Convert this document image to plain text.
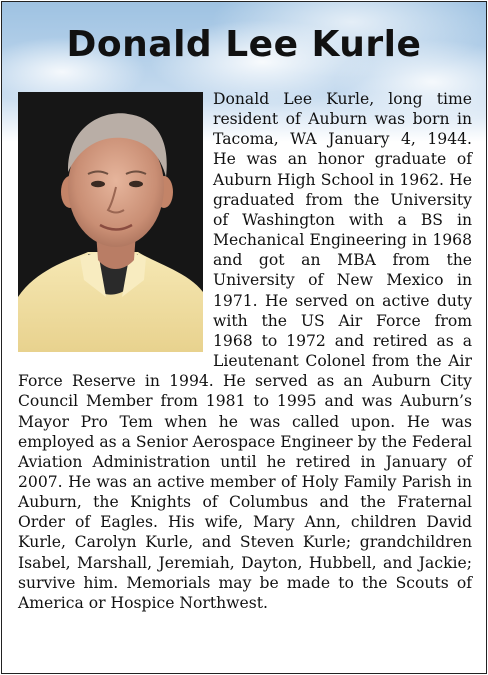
Donald Lee Kurle
Donald Lee Kurle, long time resident of Auburn was born in Tacoma, WA January 4, 1944. He was an honor graduate of Auburn High School in 1962. He graduated from the University of Washington with a BS in Mechanical Engineering in 1968 and got an MBA from the University of New Mexico in 1971. He served on active duty with the US Air Force from 1968 to 1972 and retired as a Lieutenant Colonel from the Air Force Reserve in 1994. He served as an Auburn City Council Member from 1981 to 1995 and was Auburn’s Mayor Pro Tem when he was called upon. He was employed as a Senior Aerospace Engineer by the Federal Aviation Administration until he retired in January of 2007. He was an active member of Holy Family Parish in Auburn, the Knights of Columbus and the Fraternal Order of Eagles. His wife, Mary Ann, children David Kurle, Carolyn Kurle, and Steven Kurle; grandchildren Isabel, Marshall, Jeremiah, Dayton, Hubbell, and Jackie; survive him. Memorials may be made to the Scouts of America or Hospice Northwest.
